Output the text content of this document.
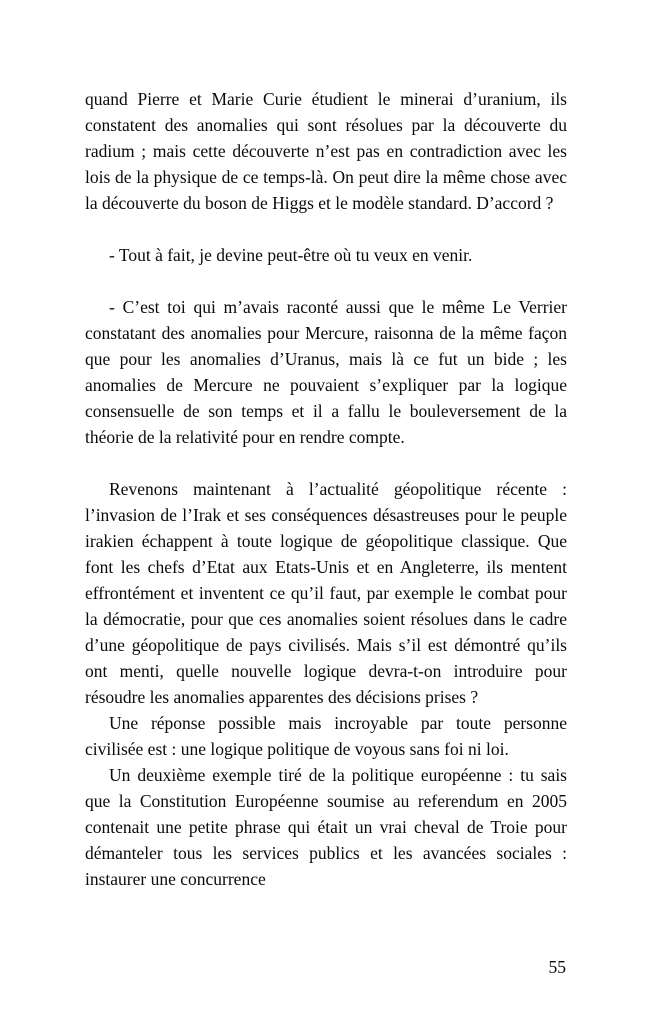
quand Pierre et Marie Curie étudient le minerai d’uranium, ils constatent des anomalies qui sont résolues par la découverte du radium ; mais cette découverte n’est pas en contradiction avec les lois de la physique de ce temps-là. On peut dire la même chose avec la découverte du boson de Higgs et le modèle standard. D’accord ?

- Tout à fait, je devine peut-être où tu veux en venir.

- C’est toi qui m’avais raconté aussi que le même Le Verrier constatant des anomalies pour Mercure, raisonna de la même façon que pour les anomalies d’Uranus, mais là ce fut un bide ; les anomalies de Mercure ne pouvaient s’expliquer par la logique consensuelle de son temps et il a fallu le bouleversement de la théorie de la relativité pour en rendre compte.

Revenons maintenant à l’actualité géopolitique récente : l’invasion de l’Irak et ses conséquences désastreuses pour le peuple irakien échappent à toute logique de géopolitique classique. Que font les chefs d’Etat aux Etats-Unis et en Angleterre, ils mentent effrontément et inventent ce qu’il faut, par exemple le combat pour la démocratie, pour que ces anomalies soient résolues dans le cadre d’une géopolitique de pays civilisés. Mais s’il est démontré qu’ils ont menti, quelle nouvelle logique devra-t-on introduire pour résoudre les anomalies apparentes des décisions prises ?

Une réponse possible mais incroyable par toute personne civilisée est : une logique politique de voyous sans foi ni loi.

Un deuxième exemple tiré de la politique européenne : tu sais que la Constitution Européenne soumise au referendum en 2005 contenait une petite phrase qui était un vrai cheval de Troie pour démanteler tous les services publics et les avancées sociales : instaurer une concurrence

55
